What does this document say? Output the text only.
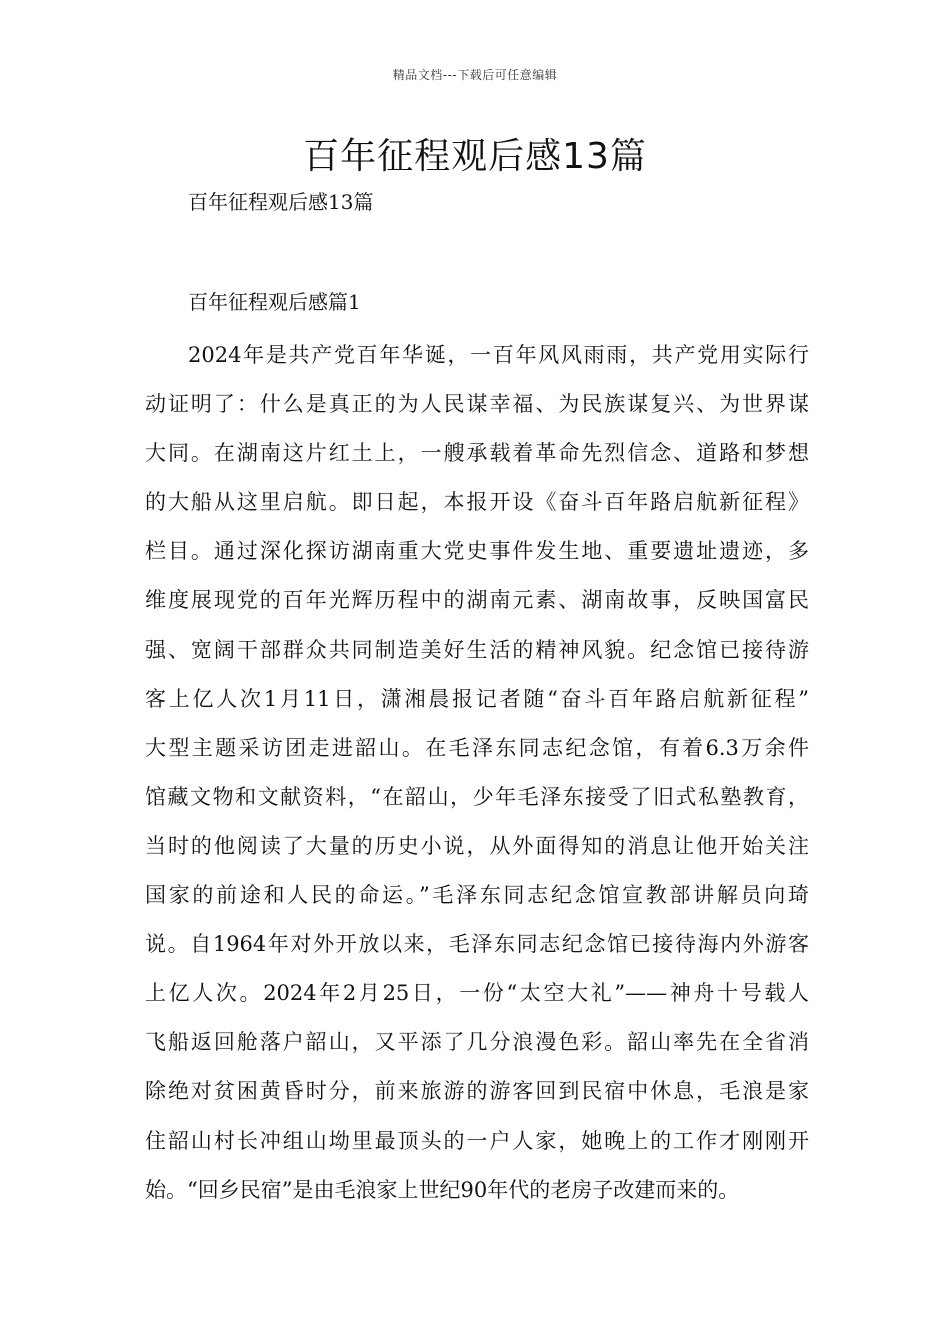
精品文档---下载后可任意编辑
百年征程观后感13篇

百年征程观后感13篇

百年征程观后感篇1

2024年是共产党百年华诞，一百年风风雨雨，共产党用实际行
动证明了：什么是真正的为人民谋幸福、为民族谋复兴、为世界谋
大同。在湖南这片红土上，一艘承载着革命先烈信念、道路和梦想
的大船从这里启航。即日起，本报开设《奋斗百年路启航新征程》
栏目。通过深化探访湖南重大党史事件发生地、重要遗址遗迹，多
维度展现党的百年光辉历程中的湖南元素、湖南故事，反映国富民
强、宽阔干部群众共同制造美好生活的精神风貌。纪念馆已接待游
客上亿人次1月11日，潇湘晨报记者随“奋斗百年路启航新征程”
大型主题采访团走进韶山。在毛泽东同志纪念馆，有着6.3万余件
馆藏文物和文献资料，“在韶山，少年毛泽东接受了旧式私塾教育，
当时的他阅读了大量的历史小说，从外面得知的消息让他开始关注
国家的前途和人民的命运。”毛泽东同志纪念馆宣教部讲解员向琦
说。自1964年对外开放以来，毛泽东同志纪念馆已接待海内外游客
上亿人次。2024年2月25日，一份“太空大礼”——神舟十号载人
飞船返回舱落户韶山，又平添了几分浪漫色彩。韶山率先在全省消
除绝对贫困黄昏时分，前来旅游的游客回到民宿中休息，毛浪是家
住韶山村长冲组山坳里最顶头的一户人家，她晚上的工作才刚刚开
始。“回乡民宿”是由毛浪家上世纪90年代的老房子改建而来的。
